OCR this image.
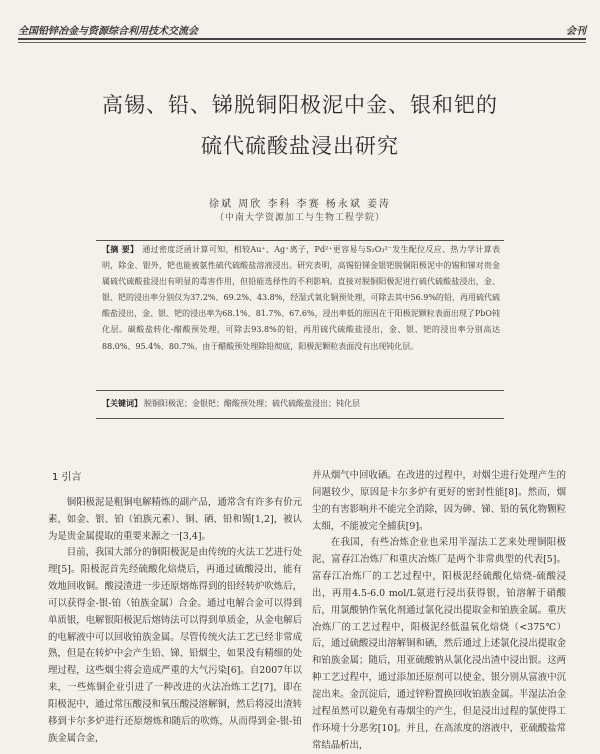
全国铅锌冶金与资源综合利用技术交流会	会刊
高锡、铅、锑脱铜阳极泥中金、银和钯的
硫代硫酸盐浸出研究
徐斌 周欣 李科 李赛 杨永斌 姜涛
（中南大学资源加工与生物工程学院）
【摘 要】 通过密度泛函计算可知，相较Au⁺、Ag⁺离子，Pd²⁺更容易与S₂O₃²⁻发生配位反应、热力学计算表明，除金、银外，钯也能被氨性硫代硫酸盐溶液浸出。研究表明，高锡铅锑金银钯脱铜阳极泥中的锡和锑对贵金属硫代硫酸盐浸出有明显的毒害作用，但铅能选择性的不利影响。直接对脱铜阳极泥进行硫代硫酸盐浸出，金、银、钯的浸出率分别仅为37.2%、69.2%、43.8%，经湿式氧化铜预处理，可除去其中56.9%的铅，再用硫代硫酸盐浸出，金、银、钯的浸出率为68.1%、81.7%、67.6%，浸出率低的原因在于阳极泥颗粒表面出现了PbO钝化层。碳酸盐转化-醋酸预处理，可除去93.8%的铅，再用硫代硫酸盐浸出，金、银、钯的浸出率分别高达88.0%、95.4%、80.7%。由于醋酸预处理除铅彻底，阳极泥颗粒表面没有出现钝化层。
【关键词】 脱铜阳极泥；金银钯；醋酸预处理；硫代硫酸盐浸出；钝化层
1 引言

铜阳极泥是粗铜电解精炼的副产品，通常含有许多有价元素，如金、银、铂（铂族元素）、铜、硒、铅和锡[1,2]，被认为是贵金属提取的重要来源之一[3,4]。

目前，我国大部分的铜阳极泥是由传统的火法工艺进行处理[5]。阳极泥首先经硫酸化焙烧后，再通过硫酸浸出，能有效地回收铜。酸浸渣进一步还原熔炼得到的铅经转炉吹炼后，可以获得金-银-铂（铂族金属）合金。通过电解合金可以得到单质银，电解银阳极泥后熔铸法可以得到单质金，从金电解后的电解液中可以回收铂族金属。尽管传统火法工艺已经非常成熟，但是在转炉中会产生铅、锑、铅烟尘，如果没有精细的处理过程，这些烟尘将会造成严重的大气污染[6]。自2007年以来，一些炼铜企业引进了一种改进的火法冶炼工艺[7]，即在阳极泥中，通过常压酸浸和氧压酸浸溶解铜，然后将浸出渣转移到卡尔多炉进行还原熔炼和随后的吹炼，从而得到金-银-铂族金属合金，

并从烟气中回收硒。在改进的过程中，对烟尘进行处理产生的问题较少，原因是卡尔多炉有更好的密封性能[8]。然而，烟尘的有害影响并不能完全消除，因为砷、锑、铅的氧化物颗粒太细，不能被完全捕获[9]。

在我国，有些冶炼企业也采用半湿法工艺来处理铜阳极泥，富春江冶炼厂和重庆冶炼厂是两个非常典型的代表[5]。富春江冶炼厂的工艺过程中，阳极泥经硫酸化焙烧-硫酸浸出，再用4.5-6.0 mol/L氨进行浸出获得银，铂溶解于硝酸后，用氯酸钠作氧化剂通过氯化浸出提取金和铂族金属。重庆冶炼厂的工艺过程中，阳极泥经低温氧化焙烧（<375℃）后，通过硫酸浸出溶解铜和硒，然后通过上述氯化浸出提取金和铂族金属；随后，用亚硫酸钠从氯化浸出渣中浸出银。这两种工艺过程中，通过添加还原剂可以使金、银分别从富液中沉淀出来。金沉淀后，通过锌粉置换回收铂族金属。半湿法冶金过程虽然可以避免有毒烟尘的产生，但是浸出过程的氯使得工作环境十分恶劣[10]。并且，在高浓度的溶液中，亚硫酸盐常常结晶析出，
